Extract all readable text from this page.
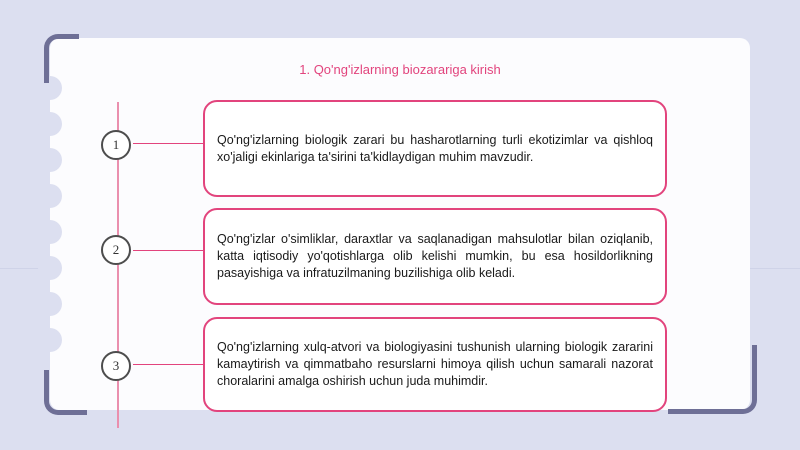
1. Qo'ng'izlarning biozarariga kirish

Qo'ng'izlarning biologik zarari bu hasharotlarning turli ekotizimlar va qishloq xo'jaligi ekinlariga ta'sirini ta'kidlaydigan muhim mavzudir.

1

Qo'ng'izlar o'simliklar, daraxtlar va saqlanadigan mahsulotlar bilan oziqlanib, katta iqtisodiy yo'qotishlarga olib kelishi mumkin, bu esa hosildorlikning pasayishiga va infratuzilmaning buzilishiga olib keladi.

2

Qo'ng'izlarning xulq-atvori va biologiyasini tushunish ularning biologik zararini kamaytirish va qimmatbaho resurslarni himoya qilish uchun samarali nazorat choralarini amalga oshirish uchun juda muhimdir.

3
